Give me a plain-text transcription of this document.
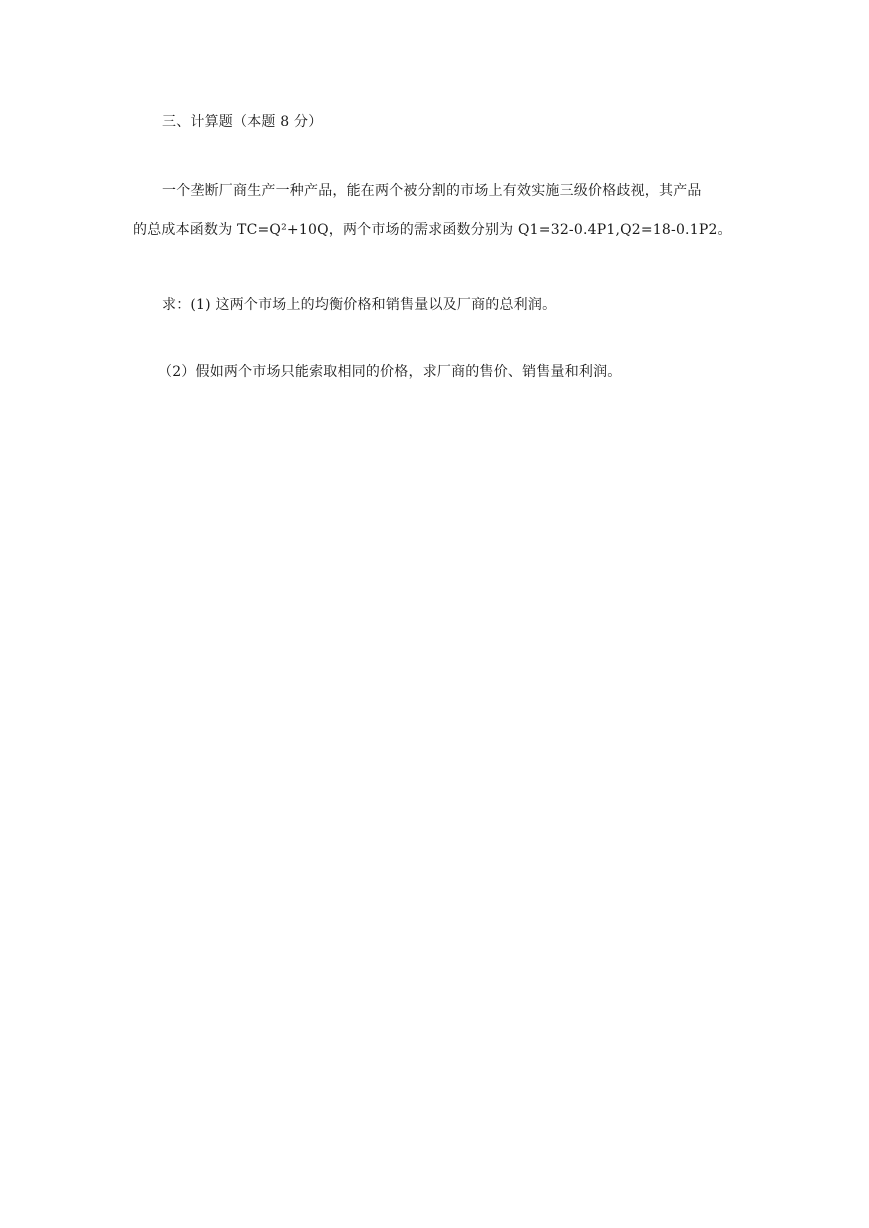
三、计算题（本题 8 分）
一个垄断厂商生产一种产品，能在两个被分割的市场上有效实施三级价格歧视，其产品
的总成本函数为 TC=Q²+10Q，两个市场的需求函数分别为 Q1=32-0.4P1,Q2=18-0.1P2。
求：(1) 这两个市场上的均衡价格和销售量以及厂商的总利润。
（2）假如两个市场只能索取相同的价格，求厂商的售价、销售量和利润。
